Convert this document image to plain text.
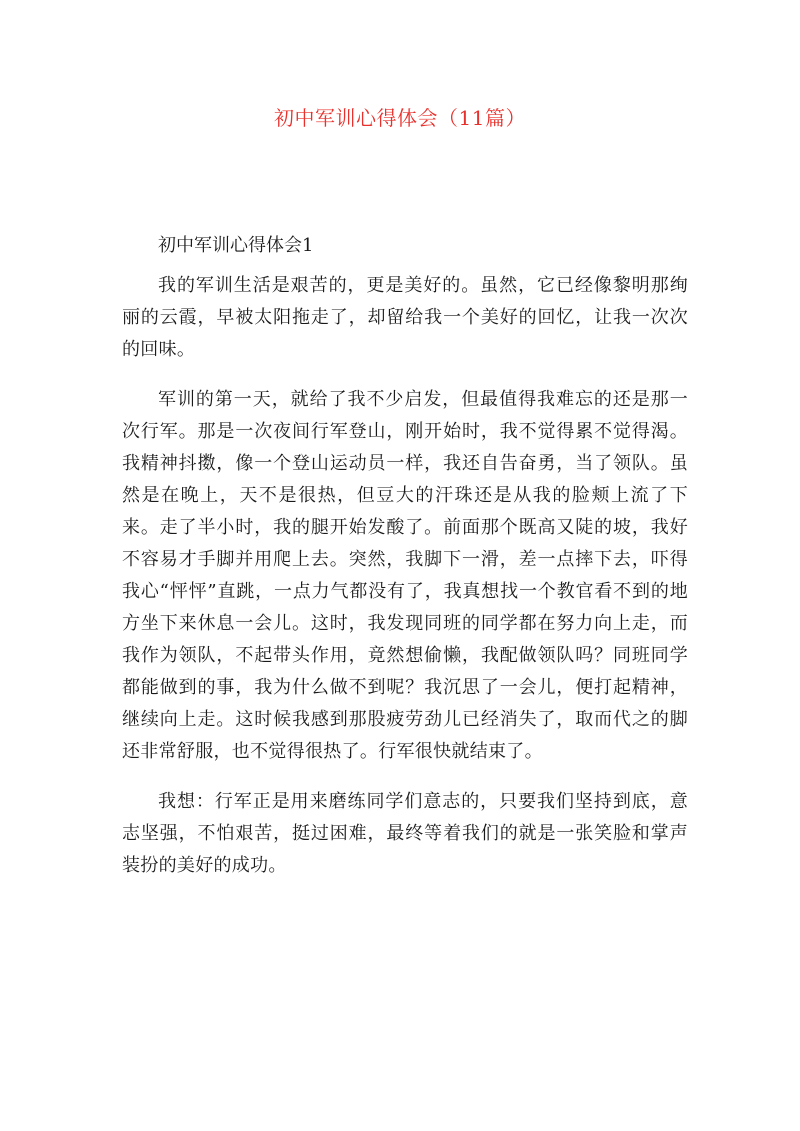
初中军训心得体会（11篇）
初中军训心得体会1

我的军训生活是艰苦的，更是美好的。虽然，它已经像黎明那绚丽的云霞，早被太阳拖走了，却留给我一个美好的回忆，让我一次次的回味。

军训的第一天，就给了我不少启发，但最值得我难忘的还是那一次行军。那是一次夜间行军登山，刚开始时，我不觉得累不觉得渴。我精神抖擞，像一个登山运动员一样，我还自告奋勇，当了领队。虽然是在晚上，天不是很热，但豆大的汗珠还是从我的脸颊上流了下来。走了半小时，我的腿开始发酸了。前面那个既高又陡的坡，我好不容易才手脚并用爬上去。突然，我脚下一滑，差一点摔下去，吓得我心“怦怦”直跳，一点力气都没有了，我真想找一个教官看不到的地方坐下来休息一会儿。这时，我发现同班的同学都在努力向上走，而我作为领队，不起带头作用，竟然想偷懒，我配做领队吗？同班同学都能做到的事，我为什么做不到呢？我沉思了一会儿，便打起精神，继续向上走。这时候我感到那股疲劳劲儿已经消失了，取而代之的脚还非常舒服，也不觉得很热了。行军很快就结束了。

我想：行军正是用来磨练同学们意志的，只要我们坚持到底，意志坚强，不怕艰苦，挺过困难，最终等着我们的就是一张笑脸和掌声装扮的美好的成功。
